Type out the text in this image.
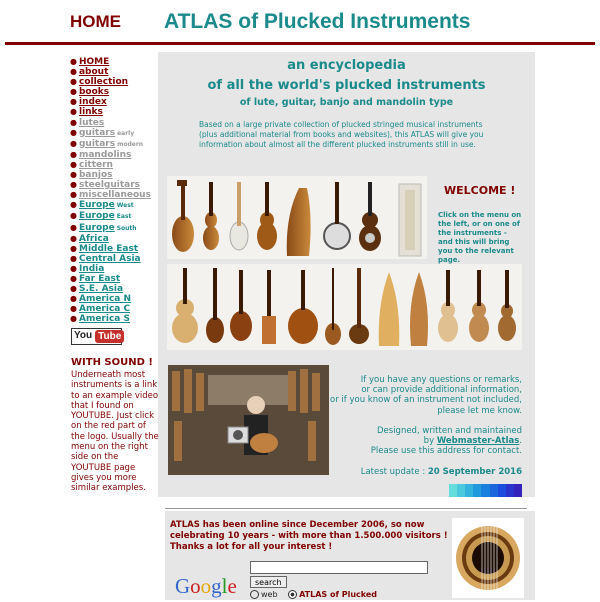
HOME ATLAS of Plucked Instruments
● HOME
● about
● collection
● books
● index
● links
● lutes
● guitars early
● guitars modern
● mandolins
● cittern
● banjos
● steelguitars
● miscellaneous
● Europe West
● Europe East
● Europe South
● Africa
● Middle East
● Central Asia
● India
● Far East
● S.E. Asia
● America N
● America C
● America S
You Tube
WITH SOUND !
Underneath most instruments is a link to an example video that I found on YOUTUBE. Just click on the red part of the logo. Usually the menu on the right side on the YOUTUBE page gives you more similar examples.
an encyclopedia
of all the world's plucked instruments
of lute, guitar, banjo and mandolin type
Based on a large private collection of plucked stringed musical instruments (plus additional material from books and websites), this ATLAS will give you information about almost all the different plucked instruments still in use.
WELCOME !
Click on the menu on the left, or on one of the instruments - and this will bring you to the relevant page.
If you have any questions or remarks,
or can provide additional information,
or if you know of an instrument not included,
please let me know.
Designed, written and maintained
by Webmaster-Atlas.
Please use this address for contact.
Latest update : 20 September 2016
ATLAS has been online since December 2006, so now celebrating 10 years - with more than 1.500.000 visitors ! Thanks a lot for all your interest !
Google	search
web	ATLAS of Plucked
